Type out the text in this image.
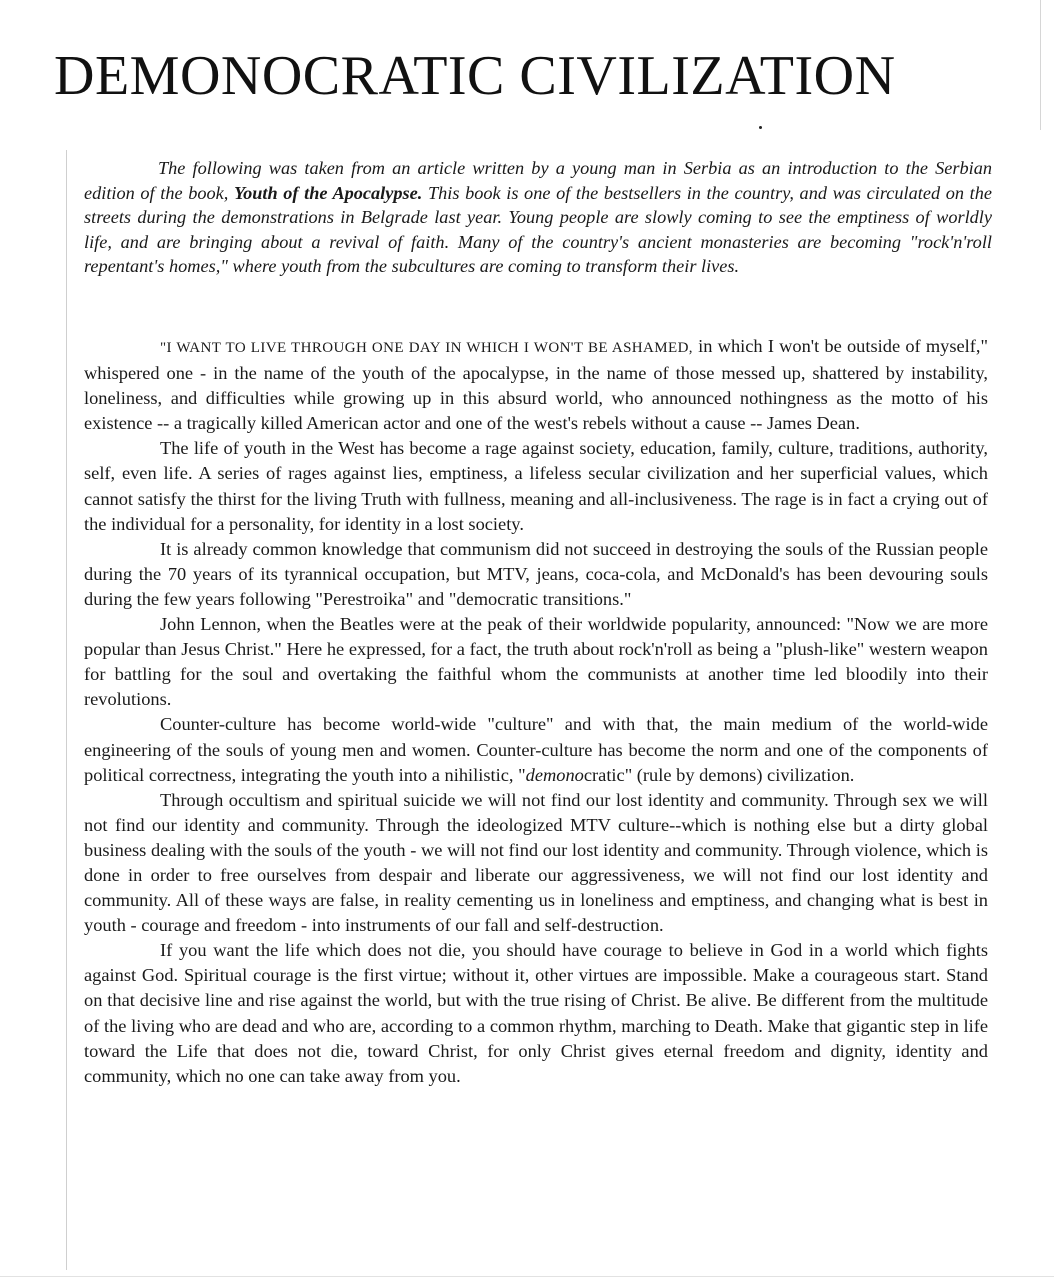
DEMONOCRATIC CIVILIZATION

The following was taken from an article written by a young man in Serbia as an introduction to the Serbian edition of the book, Youth of the Apocalypse. This book is one of the bestsellers in the country, and was circulated on the streets during the demonstrations in Belgrade last year. Young people are slowly coming to see the emptiness of worldly life, and are bringing about a revival of faith. Many of the country's ancient monasteries are becoming "rock'n'roll repentant's homes," where youth from the subcultures are coming to transform their lives.

"I WANT TO LIVE THROUGH ONE DAY IN WHICH I WON'T BE ASHAMED, in which I won't be outside of myself," whispered one - in the name of the youth of the apocalypse, in the name of those messed up, shattered by instability, loneliness, and difficulties while growing up in this absurd world, who announced nothingness as the motto of his existence -- a tragically killed American actor and one of the west's rebels without a cause -- James Dean.

The life of youth in the West has become a rage against society, education, family, culture, traditions, authority, self, even life. A series of rages against lies, emptiness, a lifeless secular civilization and her superficial values, which cannot satisfy the thirst for the living Truth with fullness, meaning and all-inclusiveness. The rage is in fact a crying out of the individual for a personality, for identity in a lost society.

It is already common knowledge that communism did not succeed in destroying the souls of the Russian people during the 70 years of its tyrannical occupation, but MTV, jeans, coca-cola, and McDonald's has been devouring souls during the few years following "Perestroika" and "democratic transitions."

John Lennon, when the Beatles were at the peak of their worldwide popularity, announced: "Now we are more popular than Jesus Christ." Here he expressed, for a fact, the truth about rock'n'roll as being a "plush-like" western weapon for battling for the soul and overtaking the faithful whom the communists at another time led bloodily into their revolutions.

Counter-culture has become world-wide "culture" and with that, the main medium of the world-wide engineering of the souls of young men and women. Counter-culture has become the norm and one of the components of political correctness, integrating the youth into a nihilistic, "demonocratic" (rule by demons) civilization.

Through occultism and spiritual suicide we will not find our lost identity and community. Through sex we will not find our identity and community. Through the ideologized MTV culture--which is nothing else but a dirty global business dealing with the souls of the youth - we will not find our lost identity and community. Through violence, which is done in order to free ourselves from despair and liberate our aggressiveness, we will not find our lost identity and community. All of these ways are false, in reality cementing us in loneliness and emptiness, and changing what is best in youth - courage and freedom - into instruments of our fall and self-destruction.

If you want the life which does not die, you should have courage to believe in God in a world which fights against God. Spiritual courage is the first virtue; without it, other virtues are impossible. Make a courageous start. Stand on that decisive line and rise against the world, but with the true rising of Christ. Be alive. Be different from the multitude of the living who are dead and who are, according to a common rhythm, marching to Death. Make that gigantic step in life toward the Life that does not die, toward Christ, for only Christ gives eternal freedom and dignity, identity and community, which no one can take away from you.
